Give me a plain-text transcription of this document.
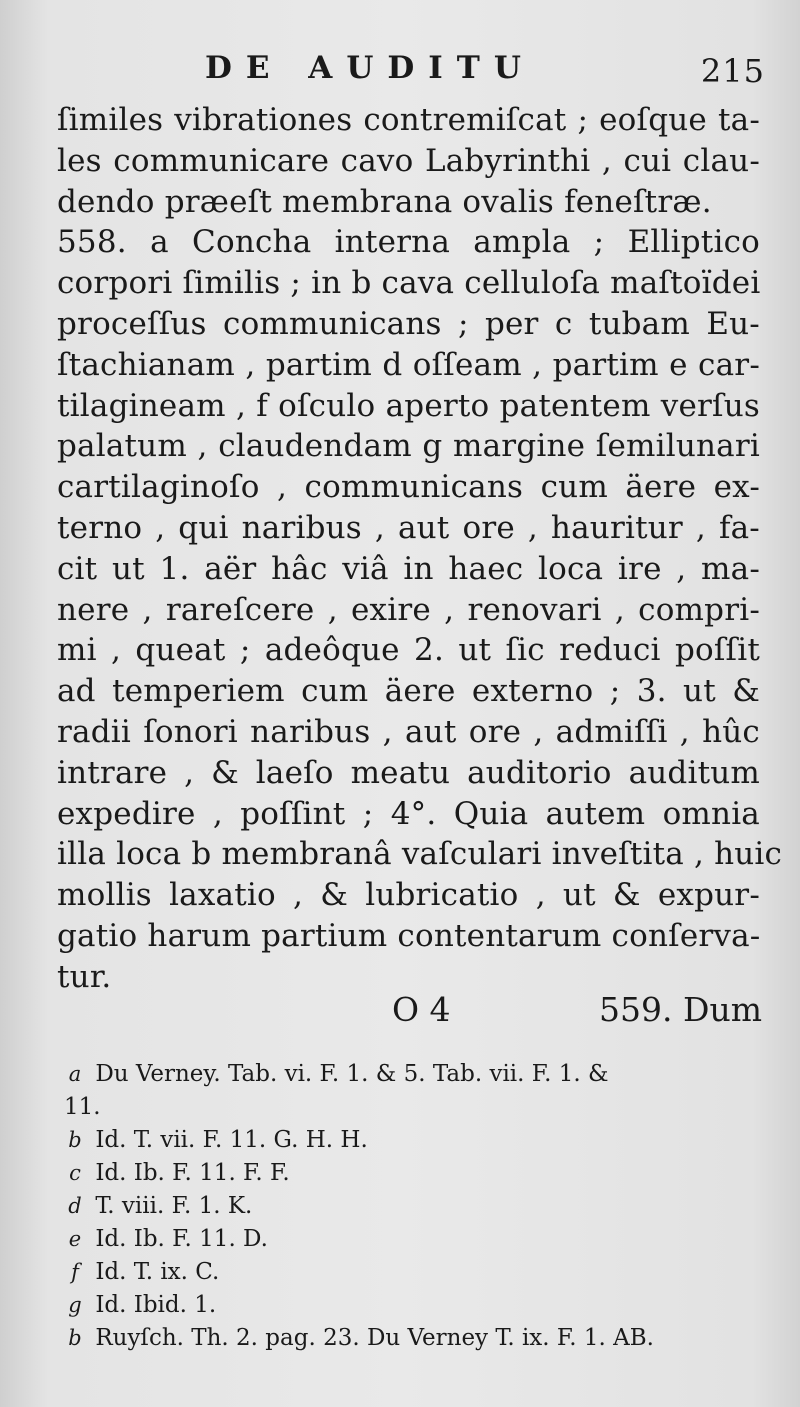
DE AUDITU	215
ſimiles vibrationes contremiſcat ; eoſque ta-
les communicare cavo Labyrinthi , cui clau-
dendo præeſt membrana ovalis feneſtræ.
558. a Concha interna ampla ; Elliptico
corpori ſimilis ; in b cava celluloſa maſtoïdei
proceſſus communicans ; per c tubam Eu-
ſtachianam , partim d oſſeam , partim e car-
tilagineam , f oſculo aperto patentem verſus
palatum , claudendam g margine ſemilunari
cartilaginoſo , communicans cum äere ex-
terno , qui naribus , aut ore , hauritur , fa-
cit ut 1. aër hâc viâ in haec loca ire , ma-
nere , rareſcere , exire , renovari , compri-
mi , queat ; adeôque 2. ut ſic reduci poſſit
ad temperiem cum äere externo ; 3. ut &
radii ſonori naribus , aut ore , admiſſi , hûc
intrare , & laeſo meatu auditorio auditum
expedire , poſſint ; 4°. Quia autem omnia
illa loca b membranâ vaſculari inveſtita , huic
mollis laxatio , & lubricatio , ut & expur-
gatio harum partium contentarum conſerva-
tur.
O 4	559. Dum
a Du Verney. Tab. vi. F. 1. & 5. Tab. vii. F. 1. &
11.
b Id. T. vii. F. 11. G. H. H.
c Id. Ib. F. 11. F. F.
d T. viii. F. 1. K.
e Id. Ib. F. 11. D.
f Id. T. ix. C.
g Id. Ibid. 1.
b Ruyſch. Th. 2. pag. 23. Du Verney T. ix. F. 1. AB.
